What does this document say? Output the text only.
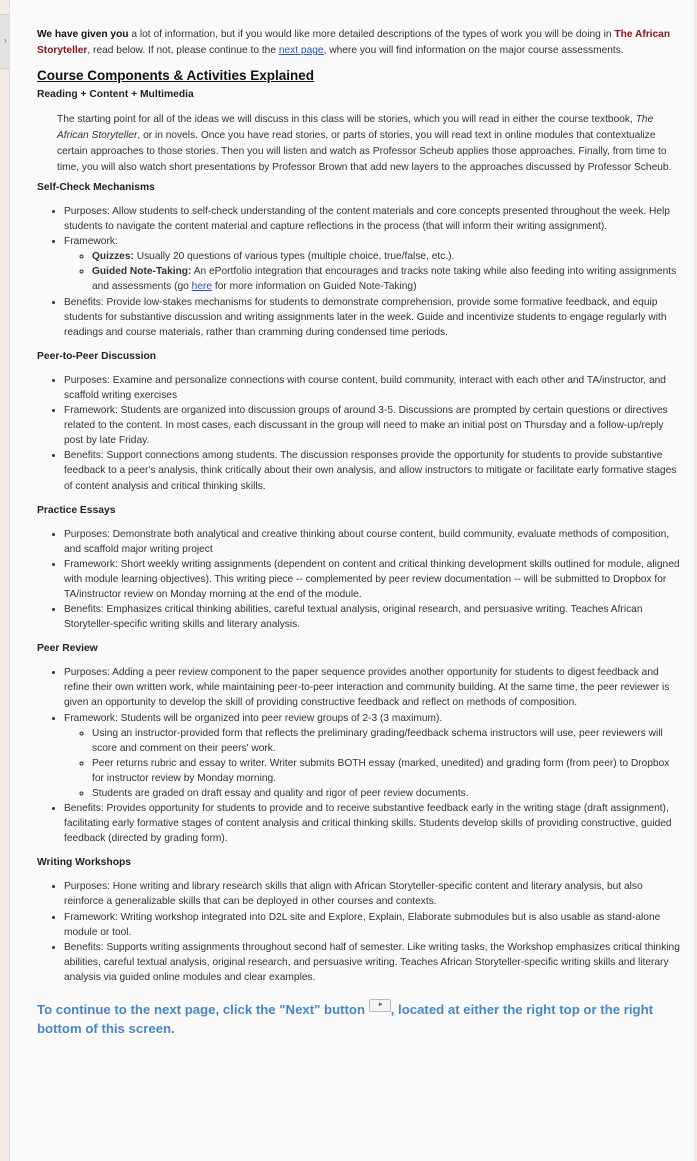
›

We have given you a lot of information, but if you would like more detailed descriptions of the types of work you will be doing in The African Storyteller, read below. If not, please continue to the next page, where you will find information on the major course assessments.

Course Components & Activities Explained
Reading + Content + Multimedia

The starting point for all of the ideas we will discuss in this class will be stories, which you will read in either the course textbook, The African Storyteller, or in novels. Once you have read stories, or parts of stories, you will read text in online modules that contextualize certain approaches to those stories. Then you will listen and watch as Professor Scheub applies those approaches. Finally, from time to time, you will also watch short presentations by Professor Brown that add new layers to the approaches discussed by Professor Scheub.

Self-Check Mechanisms
• Purposes: Allow students to self-check understanding of the content materials and core concepts presented throughout the week. Help students to navigate the content material and capture reflections in the process (that will inform their writing assignment).
• Framework:
◦ Quizzes: Usually 20 questions of various types (multiple choice, true/false, etc.).
◦ Guided Note-Taking: An ePortfolio integration that encourages and tracks note taking while also feeding into writing assignments and assessments (go here for more information on Guided Note-Taking)
• Benefits: Provide low-stakes mechanisms for students to demonstrate comprehension, provide some formative feedback, and equip students for substantive discussion and writing assignments later in the week. Guide and incentivize students to engage regularly with readings and course materials, rather than cramming during condensed time periods.
Peer-to-Peer Discussion
• Purposes: Examine and personalize connections with course content, build community, interact with each other and TA/instructor, and scaffold writing exercises
• Framework: Students are organized into discussion groups of around 3-5. Discussions are prompted by certain questions or directives related to the content. In most cases, each discussant in the group will need to make an initial post on Thursday and a follow-up/reply post by late Friday.
• Benefits: Support connections among students. The discussion responses provide the opportunity for students to provide substantive feedback to a peer's analysis, think critically about their own analysis, and allow instructors to mitigate or facilitate early formative stages of content analysis and critical thinking skills.
Practice Essays
• Purposes: Demonstrate both analytical and creative thinking about course content, build community, evaluate methods of composition, and scaffold major writing project
• Framework: Short weekly writing assignments (dependent on content and critical thinking development skills outlined for module, aligned with module learning objectives). This writing piece -- complemented by peer review documentation -- will be submitted to Dropbox for TA/instructor review on Monday morning at the end of the module.
• Benefits: Emphasizes critical thinking abilities, careful textual analysis, original research, and persuasive writing. Teaches African Storyteller-specific writing skills and literary analysis.
Peer Review
• Purposes: Adding a peer review component to the paper sequence provides another opportunity for students to digest feedback and refine their own written work, while maintaining peer-to-peer interaction and community building. At the same time, the peer reviewer is given an opportunity to develop the skill of providing constructive feedback and reflect on methods of composition.
• Framework: Students will be organized into peer review groups of 2-3 (3 maximum).
◦ Using an instructor-provided form that reflects the preliminary grading/feedback schema instructors will use, peer reviewers will score and comment on their peers' work.
◦ Peer returns rubric and essay to writer. Writer submits BOTH essay (marked, unedited) and grading form (from peer) to Dropbox for instructor review by Monday morning.
◦ Students are graded on draft essay and quality and rigor of peer review documents.
• Benefits: Provides opportunity for students to provide and to receive substantive feedback early in the writing stage (draft assignment), facilitating early formative stages of content analysis and critical thinking skills. Students develop skills of providing constructive, guided feedback (directed by grading form).
Writing Workshops
• Purposes: Hone writing and library research skills that align with African Storyteller-specific content and literary analysis, but also reinforce a generalizable skills that can be deployed in other courses and contexts.
• Framework: Writing workshop integrated into D2L site and Explore, Explain, Elaborate submodules but is also usable as stand-alone module or tool.
• Benefits: Supports writing assignments throughout second half of semester. Like writing tasks, the Workshop emphasizes critical thinking abilities, careful textual analysis, original research, and persuasive writing. Teaches African Storyteller-specific writing skills and literary analysis via guided online modules and clear examples.

To continue to the next page, click the "Next" button ► , located at either the right top or the right bottom of this screen.
